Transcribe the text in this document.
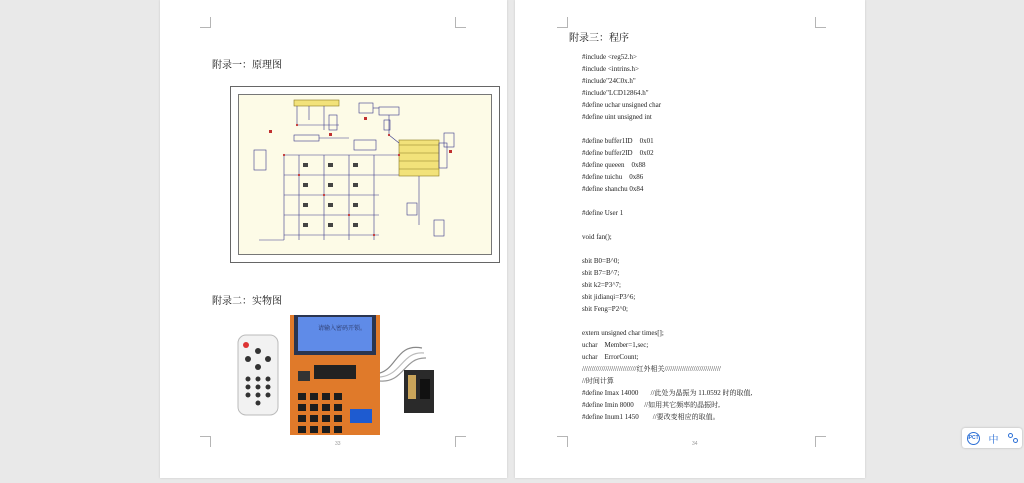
附录一：原理图
附录二：实物图
请输入密码开锁。
33
附录三：程序
#include <reg52.h>
#include <intrins.h>
#include"24C0x.h"
#include"LCD12864.h"
#define uchar unsigned char
#define uint unsigned int
#define buffer1ID    0x01
#define buffer2ID    0x02
#define queeen    0x88
#define tuichu    0x86
#define shanchu 0x84
#define User 1
void fan();
sbit B0=B^0;
sbit B7=B^7;
sbit k2=P3^7;
sbit jidianqi=P3^6;
sbit Feng=P2^0;
extern unsigned char times[];
uchar    Member=1,sec;
uchar    ErrorCount;
////////////////////////////红外相关/////////////////////////////
//时间计算
#define Imax 14000       //此处为晶振为 11.0592 时的取值,
#define Imin 8000      //如用其它频率的晶振时,
#define Inum1 1450        //要改变相应的取值。
34
IPCT 中
